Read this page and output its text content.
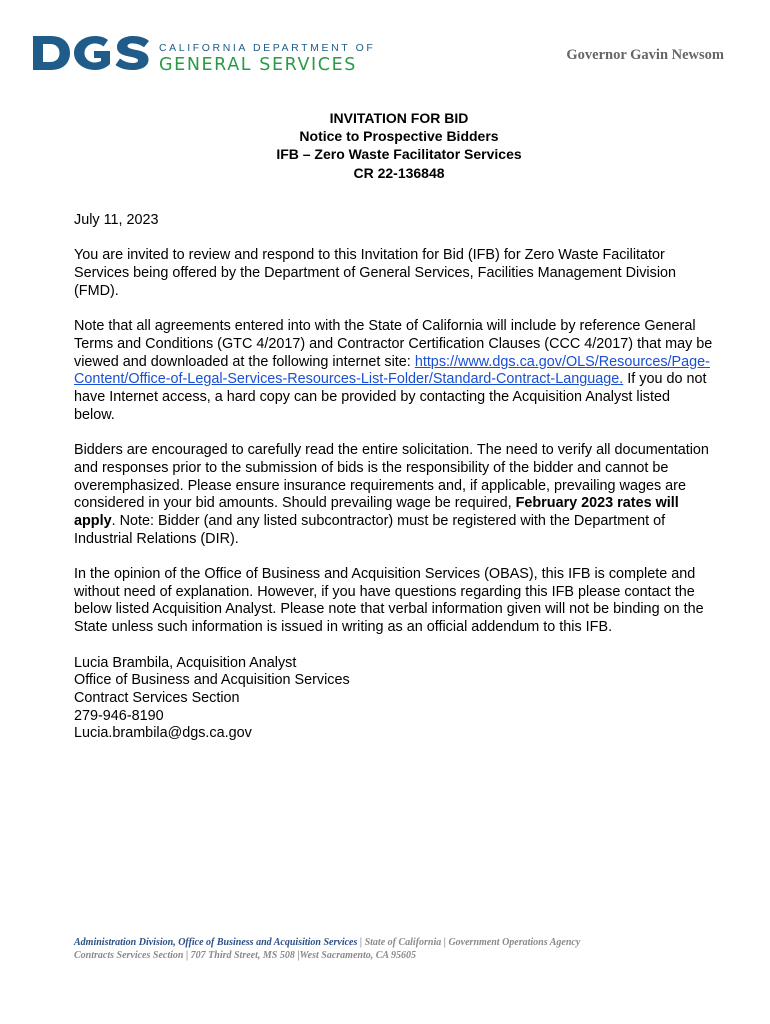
CALIFORNIA DEPARTMENT OF
GENERAL SERVICES	Governor Gavin Newsom
INVITATION FOR BID
Notice to Prospective Bidders
IFB – Zero Waste Facilitator Services
CR 22-136848

July 11, 2023

You are invited to review and respond to this Invitation for Bid (IFB) for Zero Waste Facilitator Services being offered by the Department of General Services, Facilities Management Division (FMD).

Note that all agreements entered into with the State of California will include by reference General Terms and Conditions (GTC 4/2017) and Contractor Certification Clauses (CCC 4/2017) that may be viewed and downloaded at the following internet site: https://www.dgs.ca.gov/OLS/Resources/Page-Content/Office-of-Legal-Services-Resources-List-Folder/Standard-Contract-Language. If you do not have Internet access, a hard copy can be provided by contacting the Acquisition Analyst listed below.

Bidders are encouraged to carefully read the entire solicitation. The need to verify all documentation and responses prior to the submission of bids is the responsibility of the bidder and cannot be overemphasized. Please ensure insurance requirements and, if applicable, prevailing wages are considered in your bid amounts. Should prevailing wage be required, February 2023 rates will apply. Note: Bidder (and any listed subcontractor) must be registered with the Department of Industrial Relations (DIR).

In the opinion of the Office of Business and Acquisition Services (OBAS), this IFB is complete and without need of explanation. However, if you have questions regarding this IFB please contact the below listed Acquisition Analyst. Please note that verbal information given will not be binding on the State unless such information is issued in writing as an official addendum to this IFB.

Lucia Brambila, Acquisition Analyst
Office of Business and Acquisition Services
Contract Services Section
279-946-8190
Lucia.brambila@dgs.ca.gov
Administration Division, Office of Business and Acquisition Services | State of California | Government Operations Agency
Contracts Services Section | 707 Third Street, MS 508 |West Sacramento, CA 95605
